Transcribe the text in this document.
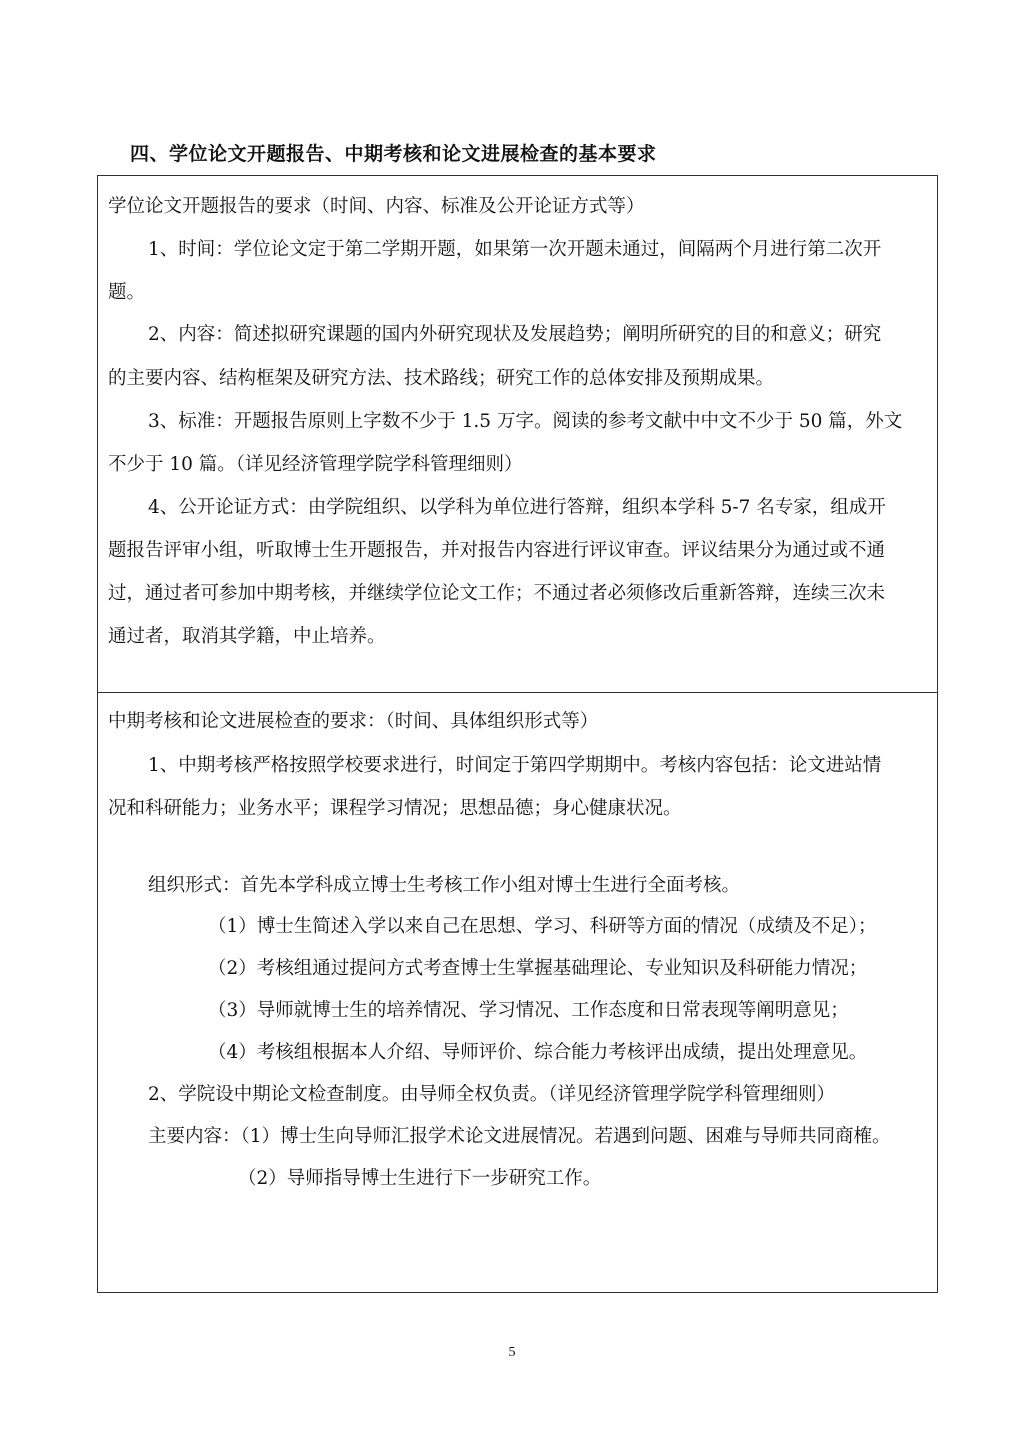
四、学位论文开题报告、中期考核和论文进展检查的基本要求
学位论文开题报告的要求（时间、内容、标准及公开论证方式等）
1、时间：学位论文定于第二学期开题，如果第一次开题未通过，间隔两个月进行第二次开
题。
2、内容：简述拟研究课题的国内外研究现状及发展趋势；阐明所研究的目的和意义；研究
的主要内容、结构框架及研究方法、技术路线；研究工作的总体安排及预期成果。
3、标准：开题报告原则上字数不少于 1.5 万字。阅读的参考文献中中文不少于 50 篇，外文
不少于 10 篇。（详见经济管理学院学科管理细则）
4、公开论证方式：由学院组织、以学科为单位进行答辩，组织本学科 5-7 名专家，组成开
题报告评审小组，听取博士生开题报告，并对报告内容进行评议审查。评议结果分为通过或不通
过，通过者可参加中期考核，并继续学位论文工作；不通过者必须修改后重新答辩，连续三次未
通过者，取消其学籍，中止培养。
中期考核和论文进展检查的要求：（时间、具体组织形式等）
1、中期考核严格按照学校要求进行，时间定于第四学期期中。考核内容包括：论文进站情
况和科研能力；业务水平；课程学习情况；思想品德；身心健康状况。
组织形式：首先本学科成立博士生考核工作小组对博士生进行全面考核。
（1）博士生简述入学以来自己在思想、学习、科研等方面的情况（成绩及不足）；
（2）考核组通过提问方式考查博士生掌握基础理论、专业知识及科研能力情况；
（3）导师就博士生的培养情况、学习情况、工作态度和日常表现等阐明意见；
（4）考核组根据本人介绍、导师评价、综合能力考核评出成绩，提出处理意见。
2、学院设中期论文检查制度。由导师全权负责。（详见经济管理学院学科管理细则）
主要内容：（1）博士生向导师汇报学术论文进展情况。若遇到问题、困难与导师共同商榷。
（2）导师指导博士生进行下一步研究工作。
5
